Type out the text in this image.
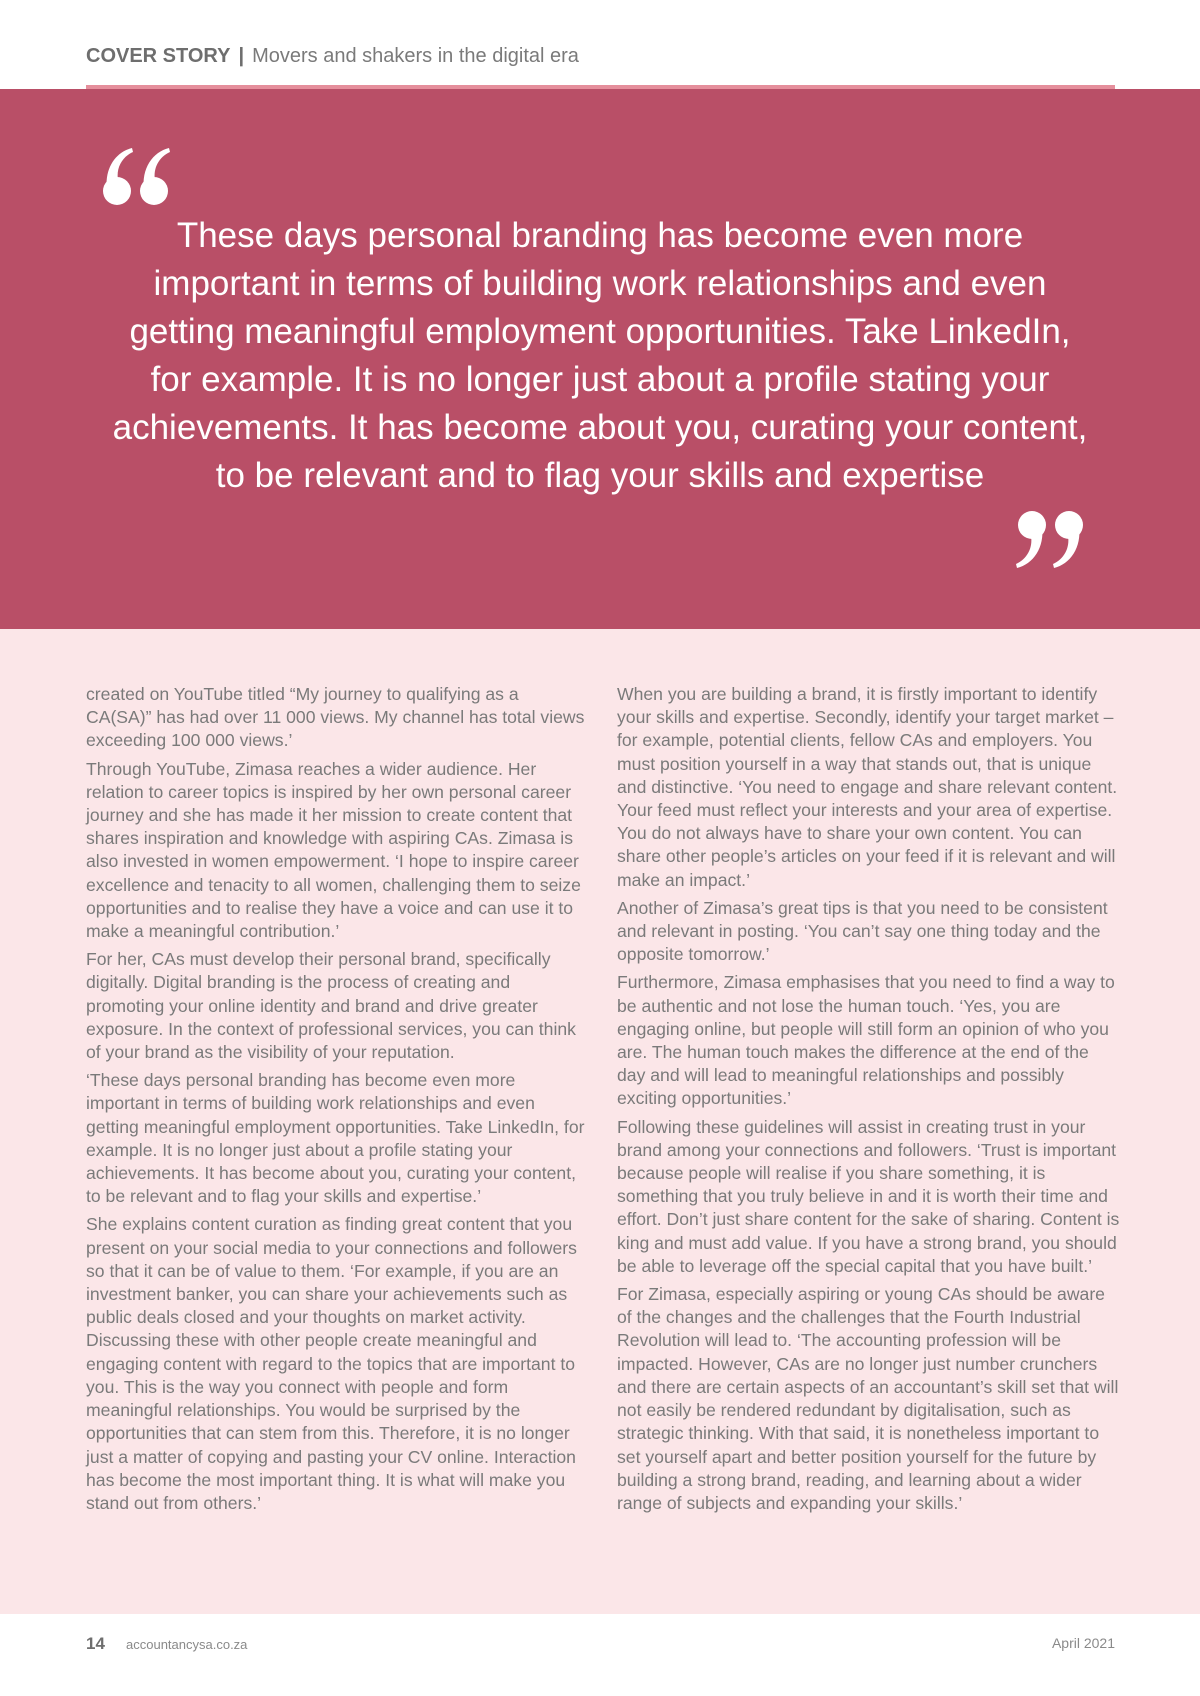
COVER STORY | Movers and shakers in the digital era

These days personal branding has become even more important in terms of building work relationships and even getting meaningful employment opportunities. Take LinkedIn, for example. It is no longer just about a profile stating your achievements. It has become about you, curating your content, to be relevant and to flag your skills and expertise

created on YouTube titled “My journey to qualifying as a CA(SA)” has had over 11 000 views. My channel has total views exceeding 100 000 views.’

Through YouTube, Zimasa reaches a wider audience. Her relation to career topics is inspired by her own personal career journey and she has made it her mission to create content that shares inspiration and knowledge with aspiring CAs. Zimasa is also invested in women empowerment. ‘I hope to inspire career excellence and tenacity to all women, challenging them to seize opportunities and to realise they have a voice and can use it to make a meaningful contribution.’

For her, CAs must develop their personal brand, specifically digitally. Digital branding is the process of creating and promoting your online identity and brand and drive greater exposure. In the context of professional services, you can think of your brand as the visibility of your reputation.

‘These days personal branding has become even more important in terms of building work relationships and even getting meaningful employment opportunities. Take LinkedIn, for example. It is no longer just about a profile stating your achievements. It has become about you, curating your content, to be relevant and to flag your skills and expertise.’

She explains content curation as finding great content that you present on your social media to your connections and followers so that it can be of value to them. ‘For example, if you are an investment banker, you can share your achievements such as public deals closed and your thoughts on market activity. Discussing these with other people create meaningful and engaging content with regard to the topics that are important to you. This is the way you connect with people and form meaningful relationships. You would be surprised by the opportunities that can stem from this. Therefore, it is no longer just a matter of copying and pasting your CV online. Interaction has become the most important thing. It is what will make you stand out from others.’

When you are building a brand, it is firstly important to identify your skills and expertise. Secondly, identify your target market – for example, potential clients, fellow CAs and employers. You must position yourself in a way that stands out, that is unique and distinctive. ‘You need to engage and share relevant content. Your feed must reflect your interests and your area of expertise. You do not always have to share your own content. You can share other people’s articles on your feed if it is relevant and will make an impact.’

Another of Zimasa’s great tips is that you need to be consistent and relevant in posting. ‘You can’t say one thing today and the opposite tomorrow.’

Furthermore, Zimasa emphasises that you need to find a way to be authentic and not lose the human touch. ‘Yes, you are engaging online, but people will still form an opinion of who you are. The human touch makes the difference at the end of the day and will lead to meaningful relationships and possibly exciting opportunities.’

Following these guidelines will assist in creating trust in your brand among your connections and followers. ‘Trust is important because people will realise if you share something, it is something that you truly believe in and it is worth their time and effort. Don’t just share content for the sake of sharing. Content is king and must add value. If you have a strong brand, you should be able to leverage off the special capital that you have built.’

For Zimasa, especially aspiring or young CAs should be aware of the changes and the challenges that the Fourth Industrial Revolution will lead to. ‘The accounting profession will be impacted. However, CAs are no longer just number crunchers and there are certain aspects of an accountant’s skill set that will not easily be rendered redundant by digitalisation, such as strategic thinking. With that said, it is nonetheless important to set yourself apart and better position yourself for the future by building a strong brand, reading, and learning about a wider range of subjects and expanding your skills.’

14 accountancysa.co.za	April 2021
